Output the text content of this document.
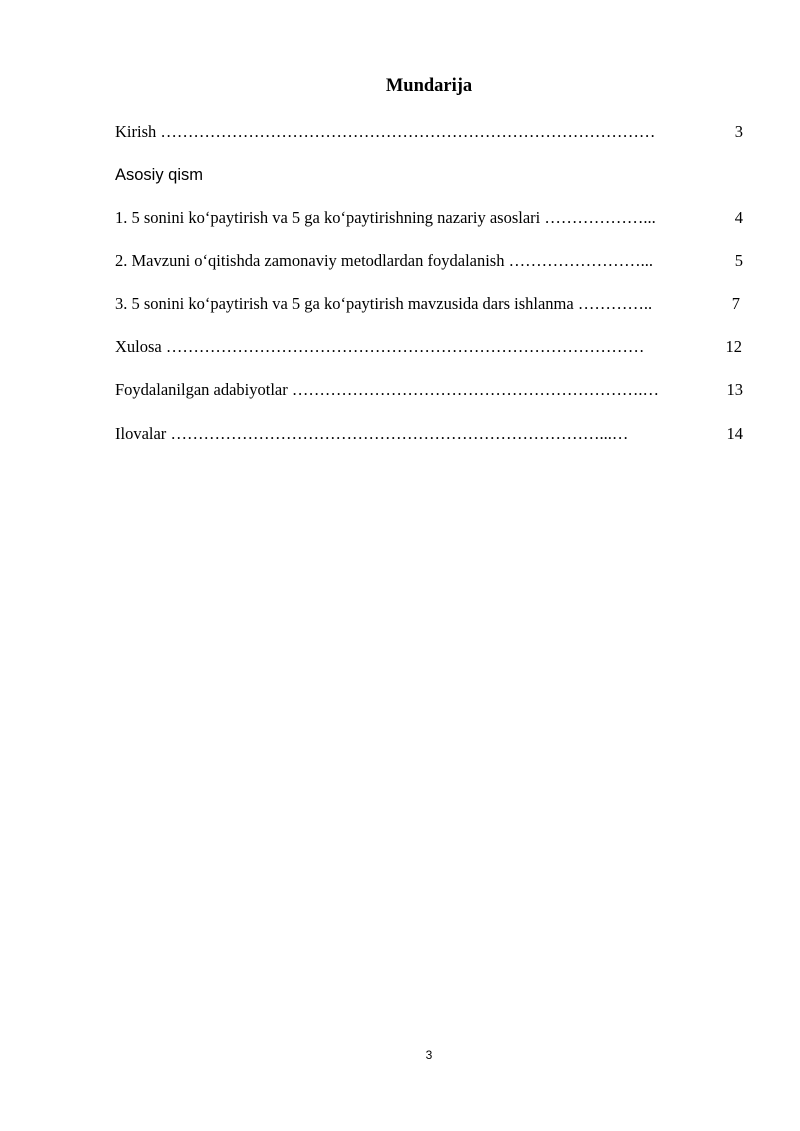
Mundarija
Kirish ………………………………………………………………………………	3
Asosiy qism
1. 5 sonini ko‘paytirish va 5 ga ko‘paytirishning nazariy asoslari ………………...	4
2. Mavzuni o‘qitishda zamonaviy metodlardan foydalanish ……………………...	5
3. 5 sonini ko‘paytirish va 5 ga ko‘paytirish mavzusida dars ishlanma …………..	7
Xulosa ……………………………………………………………………………	12
Foydalanilgan adabiyotlar ……………………………………………………….…	13
Ilovalar ……………………………………………………………………...…	14
3
